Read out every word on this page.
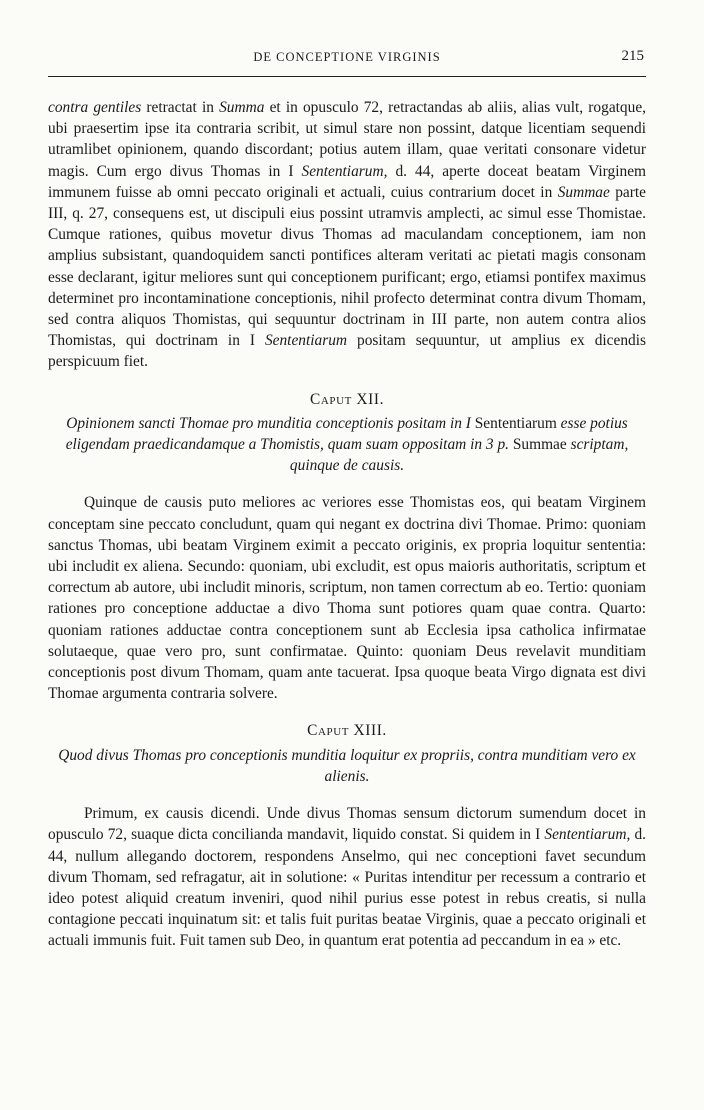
DE CONCEPTIONE VIRGINIS	215

contra gentiles retractat in Summa et in opusculo 72, retractandas ab aliis, alias vult, rogatque, ubi praesertim ipse ita contraria scribit, ut simul stare non possint, datque licentiam sequendi utramlibet opinionem, quando discordant; potius autem illam, quae veritati consonare videtur magis. Cum ergo divus Thomas in I Sententiarum, d. 44, aperte doceat beatam Virginem immunem fuisse ab omni peccato originali et actuali, cuius contrarium docet in Summae parte III, q. 27, consequens est, ut discipuli eius possint utramvis amplecti, ac simul esse Thomistae. Cumque rationes, quibus movetur divus Thomas ad maculandam conceptionem, iam non amplius subsistant, quandoquidem sancti pontifices alteram veritati ac pietati magis consonam esse declarant, igitur meliores sunt qui conceptionem purificant; ergo, etiamsi pontifex maximus determinet pro incontaminatione conceptionis, nihil profecto determinat contra divum Thomam, sed contra aliquos Thomistas, qui sequuntur doctrinam in III parte, non autem contra alios Thomistas, qui doctrinam in I Sententiarum positam sequuntur, ut amplius ex dicendis perspicuum fiet.

Caput XII.

Opinionem sancti Thomae pro munditia conceptionis positam in I Sententiarum esse potius eligendam praedicandamque a Thomistis, quam suam oppositam in 3 p. Summae scriptam, quinque de causis.

Quinque de causis puto meliores ac veriores esse Thomistas eos, qui beatam Virginem conceptam sine peccato concludunt, quam qui negant ex doctrina divi Thomae. Primo: quoniam sanctus Thomas, ubi beatam Virginem eximit a peccato originis, ex propria loquitur sententia: ubi includit ex aliena. Secundo: quoniam, ubi excludit, est opus maioris authoritatis, scriptum et correctum ab autore, ubi includit minoris, scriptum, non tamen correctum ab eo. Tertio: quoniam rationes pro conceptione adductae a divo Thoma sunt potiores quam quae contra. Quarto: quoniam rationes adductae contra conceptionem sunt ab Ecclesia ipsa catholica infirmatae solutaeque, quae vero pro, sunt confirmatae. Quinto: quoniam Deus revelavit munditiam conceptionis post divum Thomam, quam ante tacuerat. Ipsa quoque beata Virgo dignata est divi Thomae argumenta contraria solvere.

Caput XIII.

Quod divus Thomas pro conceptionis munditia loquitur ex propriis, contra munditiam vero ex alienis.

Primum, ex causis dicendi. Unde divus Thomas sensum dictorum sumendum docet in opusculo 72, suaque dicta concilianda mandavit, liquido constat. Si quidem in I Sententiarum, d. 44, nullum allegando doctorem, respondens Anselmo, qui nec conceptioni favet secundum divum Thomam, sed refragatur, ait in solutione: « Puritas intenditur per recessum a contrario et ideo potest aliquid creatum inveniri, quod nihil purius esse potest in rebus creatis, si nulla contagione peccati inquinatum sit: et talis fuit puritas beatae Virginis, quae a peccato originali et actuali immunis fuit. Fuit tamen sub Deo, in quantum erat potentia ad peccandum in ea » etc.
